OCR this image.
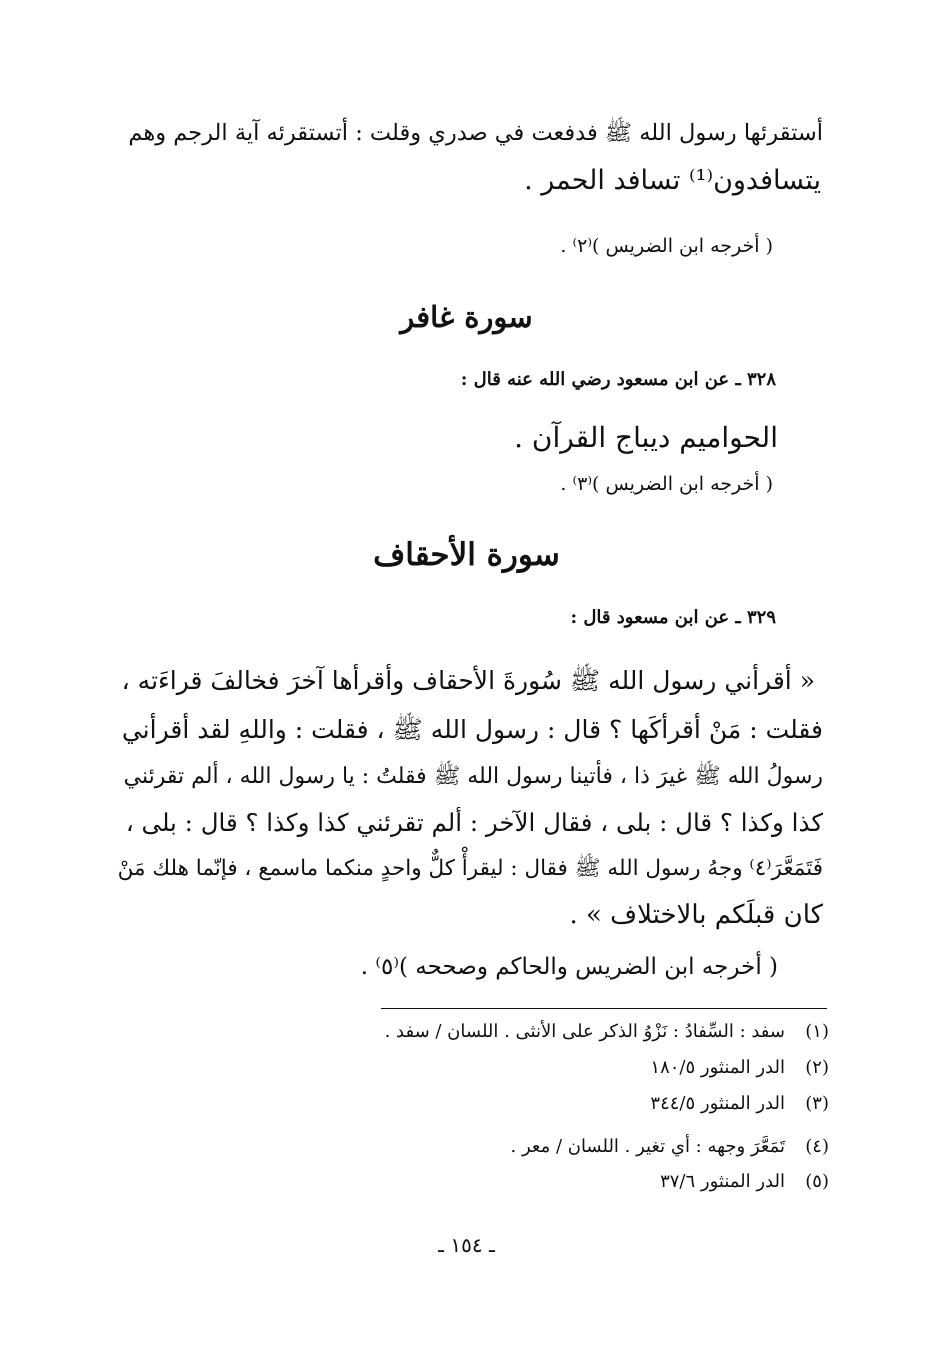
أستقرئها رسول الله ﷺ فدفعت في صدري وقلت : أتستقرئه آية الرجم وهم
يتسافدون⁽¹⁾ تسافد الحمر .
( أخرجه ابن الضريس )⁽٢⁾ .
سورة غافر
٣٢٨ ـ عن ابن مسعود رضي الله عنه قال :
الحواميم ديباج القرآن .
( أخرجه ابن الضريس )⁽٣⁾ .
سورة الأحقاف
٣٢٩ ـ عن ابن مسعود قال :
« أقرأني رسول الله ﷺ سُورةَ الأحقاف وأقرأها آخرَ فخالفَ قراءَته ،
فقلت : مَنْ أقرأكَها ؟ قال : رسول الله ﷺ ، فقلت : واللهِ لقد أقرأني
رسولُ الله ﷺ غيرَ ذا ، فأتينا رسول الله ﷺ فقلتُ : يا رسول الله ، ألم تقرئني
كذا وكذا ؟ قال : بلى ، فقال الآخر : ألم تقرئني كذا وكذا ؟ قال : بلى ،
فَتَمَعَّرَ⁽٤⁾ وجهُ رسول الله ﷺ فقال : ليقرأْ كلٌّ واحدٍ منكما ماسمع ، فإنّما هلك مَنْ
كان قبلَكم بالاختلاف » .
( أخرجه ابن الضريس والحاكم وصححه )⁽٥⁾ .
(١)
سفد : السِّفادُ : نَزْوُ الذكر على الأنثى . اللسان / سفد .
(٢)
الدر المنثور ١٨٠/٥
(٣)
الدر المنثور ٣٤٤/٥
(٤)
تَمَعَّرَ وجهه : أي تغير . اللسان / معر .
(٥)
الدر المنثور ٣٧/٦
ـ ١٥٤ ـ
